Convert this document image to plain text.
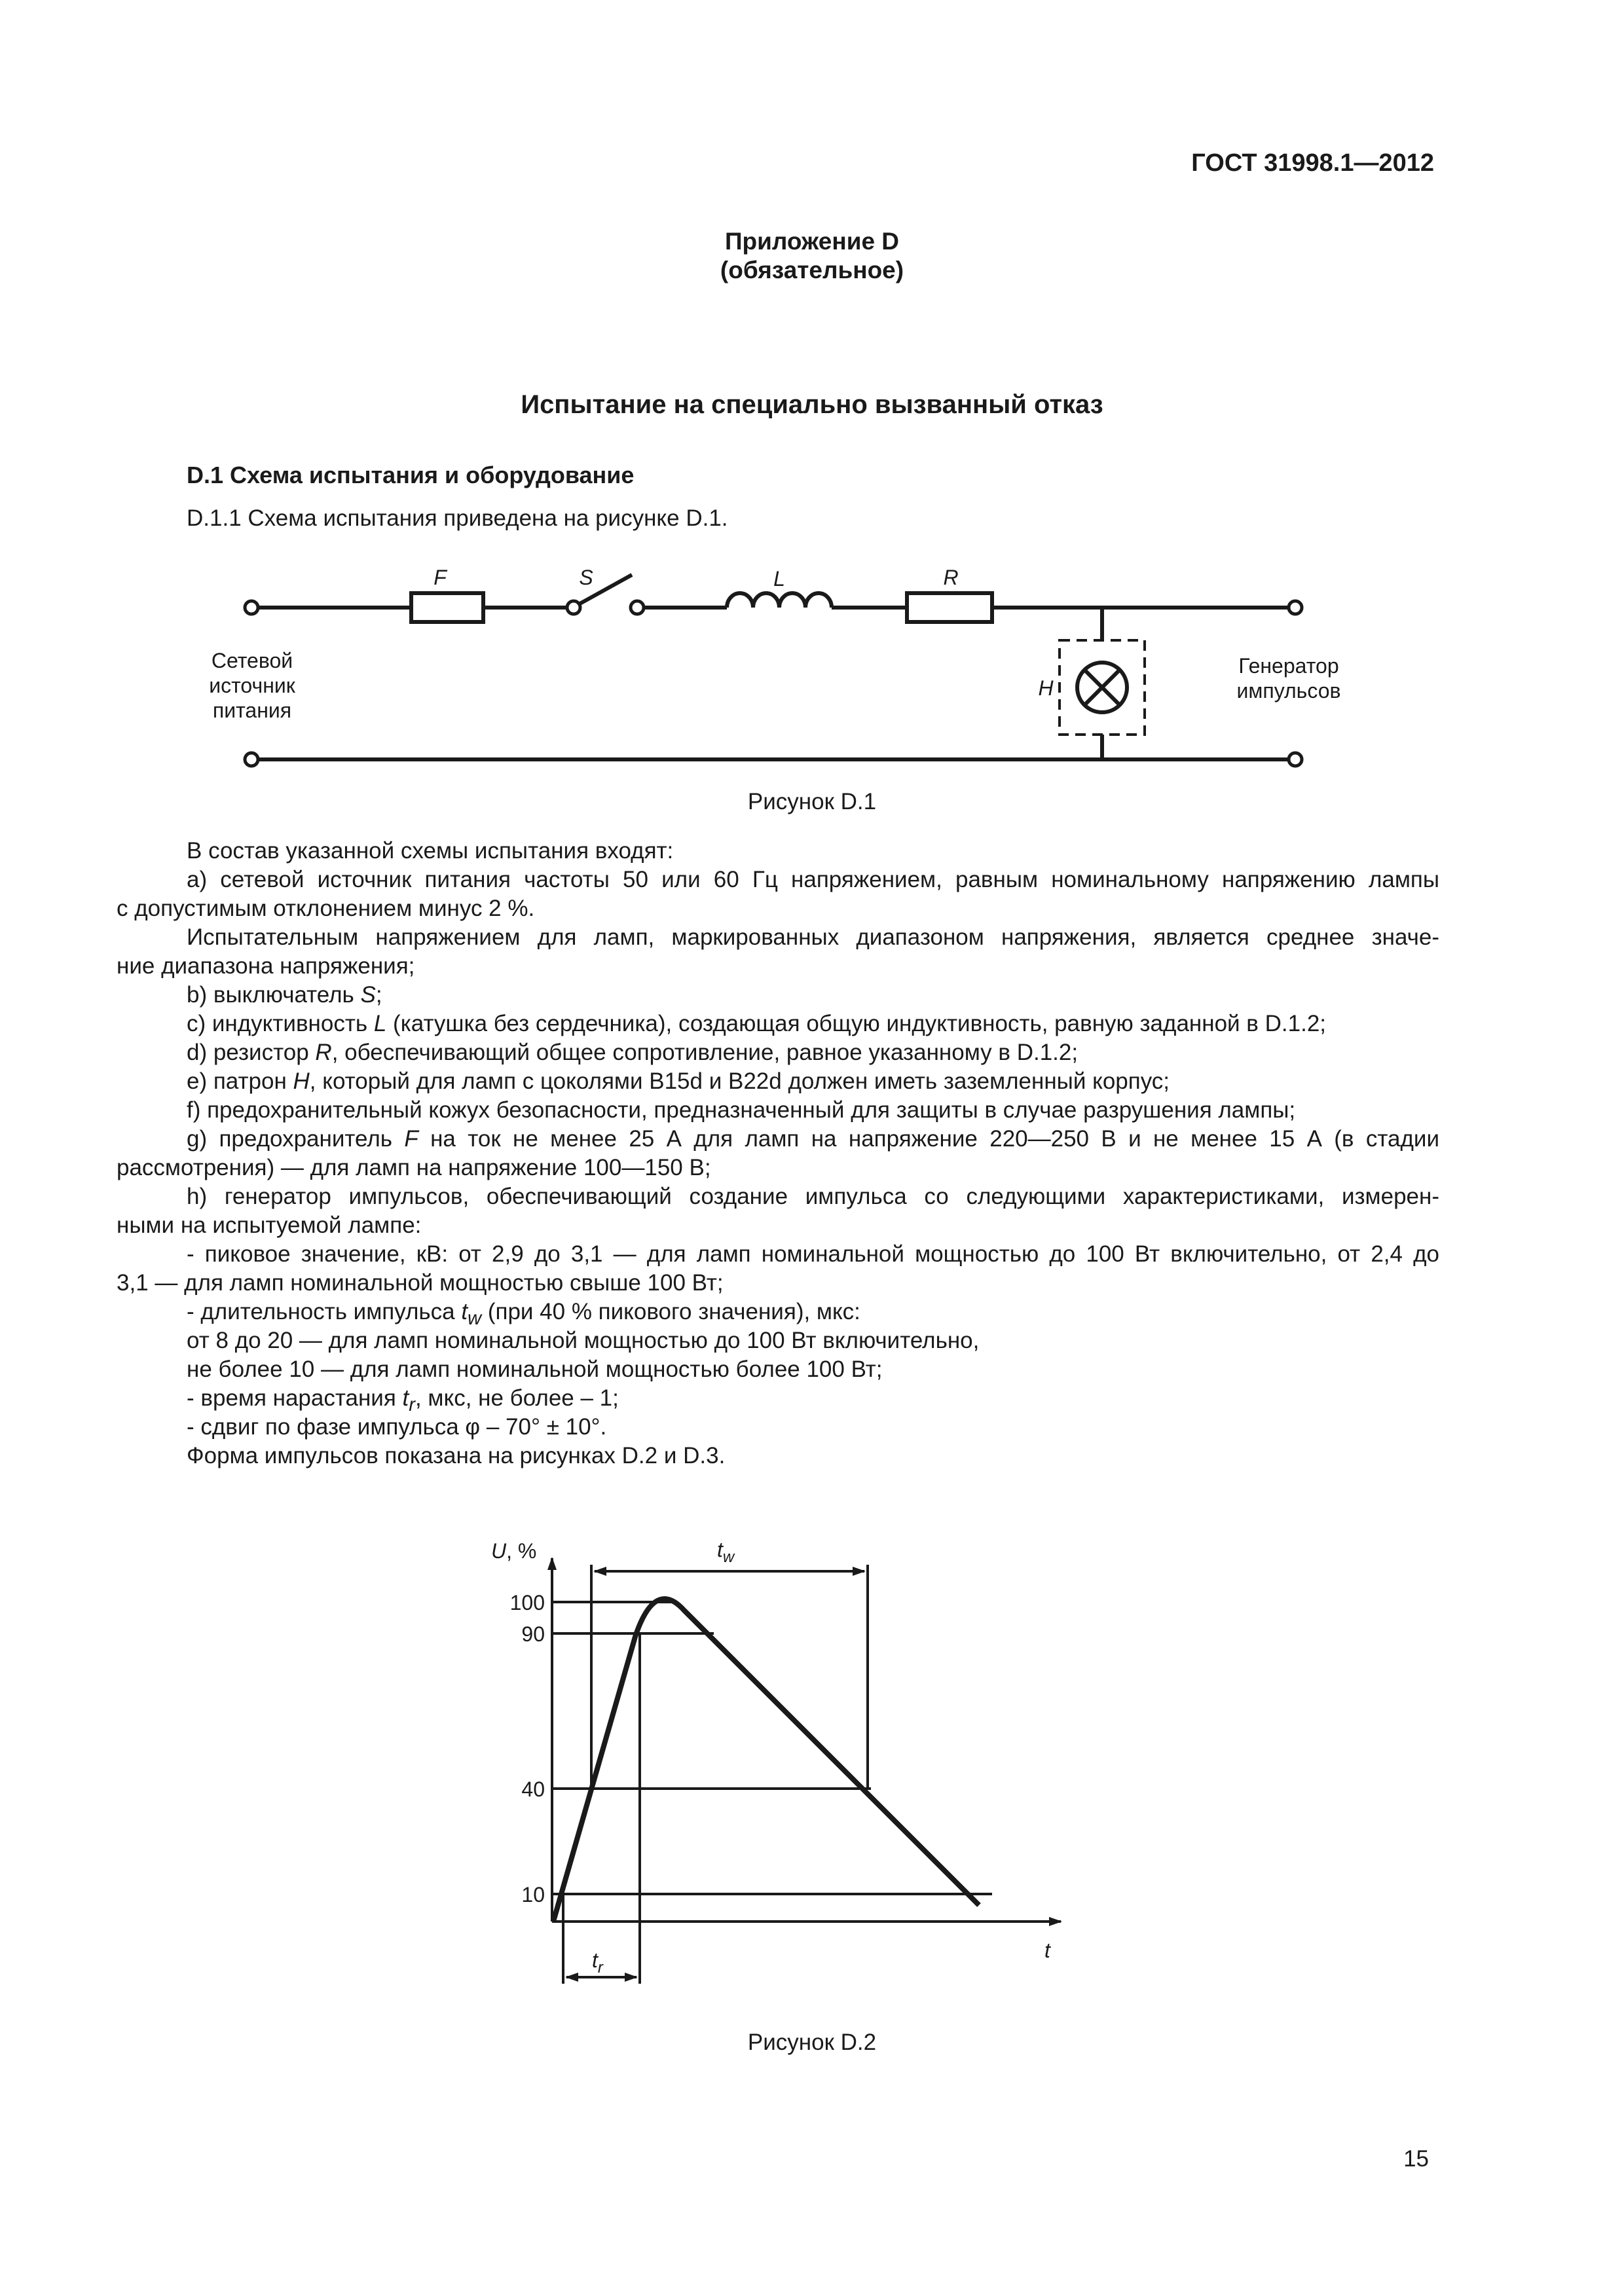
ГОСТ 31998.1—2012
Приложение D
(обязательное)
Испытание на специально вызванный отказ
D.1 Схема испытания и оборудование
D.1.1 Схема испытания приведена на рисунке D.1.
F	S	L	R
H
Сетевой
источник
питания
Генератор
импульсов
Рисунок D.1
В состав указанной схемы испытания входят:
a) сетевой источник питания частоты 50 или 60 Гц напряжением, равным номинальному напряжению лампы
с допустимым отклонением минус 2 %.
Испытательным напряжением для ламп, маркированных диапазоном напряжения, является среднее значе-
ние диапазона напряжения;
b) выключатель S;
c) индуктивность L (катушка без сердечника), создающая общую индуктивность, равную заданной в D.1.2;
d) резистор R, обеспечивающий общее сопротивление, равное указанному в D.1.2;
e) патрон H, который для ламп с цоколями B15d и B22d должен иметь заземленный корпус;
f) предохранительный кожух безопасности, предназначенный для защиты в случае разрушения лампы;
g) предохранитель F на ток не менее 25 А для ламп на напряжение 220—250 В и не менее 15 А (в стадии
рассмотрения) — для ламп на напряжение 100—150 В;
h) генератор импульсов, обеспечивающий создание импульса со следующими характеристиками, измерен-
ными на испытуемой лампе:
- пиковое значение, кВ: от 2,9 до 3,1 — для ламп номинальной мощностью до 100 Вт включительно, от 2,4 до
3,1 — для ламп номинальной мощностью свыше 100 Вт;
- длительность импульса $t_w$ (при 40 % пикового значения), мкс:
от 8 до 20 — для ламп номинальной мощностью до 100 Вт включительно,
не более 10 — для ламп номинальной мощностью более 100 Вт;
- время нарастания $t_r$, мкс, не более – 1;
- сдвиг по фазе импульса φ – 70° ± 10°.
Форма импульсов показана на рисунках D.2 и D.3.
U, %
100
90
40
10
t
$t_w$
$t_r$
Рисунок D.2
15
